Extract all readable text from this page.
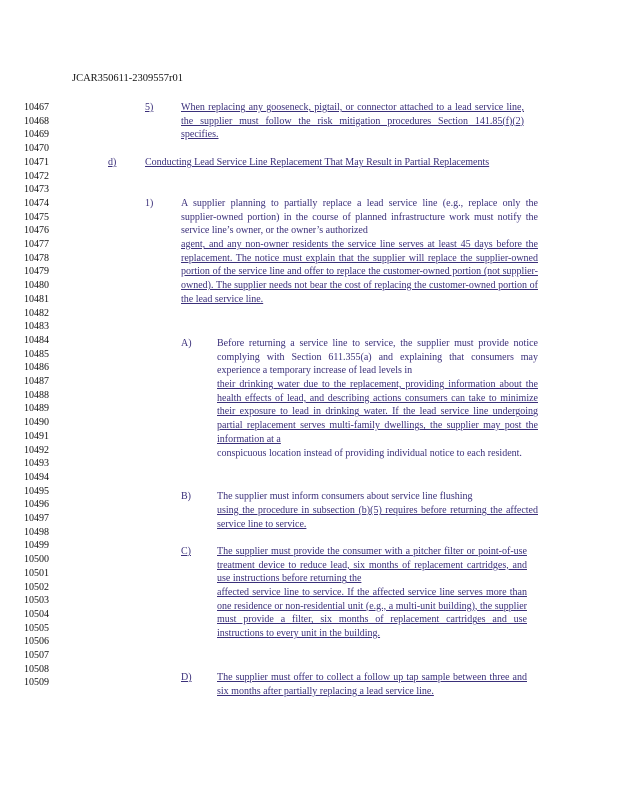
JCAR350611-2309557r01
10467
10468
10469
10470
10471
10472
10473
10474
10475
10476
10477
10478
10479
10480
10481
10482
10483
10484
10485
10486
10487
10488
10489
10490
10491
10492
10493
10494
10495
10496
10497
10498
10499
10500
10501
10502
10503
10504
10505
10506
10507
10508
10509
5)	When replacing any gooseneck, pigtail, or connector attached to a lead service line, the supplier must follow the risk mitigation procedures Section 141.85(f)(2) specifies.
d)	Conducting Lead Service Line Replacement That May Result in Partial Replacements
1)	A supplier planning to partially replace a lead service line (e.g., replace only the supplier-owned portion) in the course of planned infrastructure work must notify the service line’s owner, or the owner’s authorized
agent, and any non-owner residents the service line serves at least 45 days before the replacement. The notice must explain that the supplier will replace the supplier-owned portion of the service line and offer to replace the customer-owned portion (not supplier-owned). The supplier needs not bear the cost of replacing the customer-owned portion of the lead service line.
A)	Before returning a service line to service, the supplier must provide notice complying with Section 611.355(a) and explaining that consumers may experience a temporary increase of lead levels in
their drinking water due to the replacement, providing information about the health effects of lead, and describing actions consumers can take to minimize their exposure to lead in drinking water. If the lead service line undergoing partial replacement serves multi-family dwellings, the supplier may post the information at a
conspicuous location instead of providing individual notice to each resident.
B)	The supplier must inform consumers about service line flushing
using the procedure in subsection (b)(5) requires before returning the affected service line to service.
C)	The supplier must provide the consumer with a pitcher filter or point-of-use treatment device to reduce lead, six months of replacement cartridges, and use instructions before returning the
affected service line to service. If the affected service line serves more than one residence or non-residential unit (e.g., a multi-unit building), the supplier must provide a filter, six months of replacement cartridges and use instructions to every unit in the building.
D)	The supplier must offer to collect a follow up tap sample between three and six months after partially replacing a lead service line.
